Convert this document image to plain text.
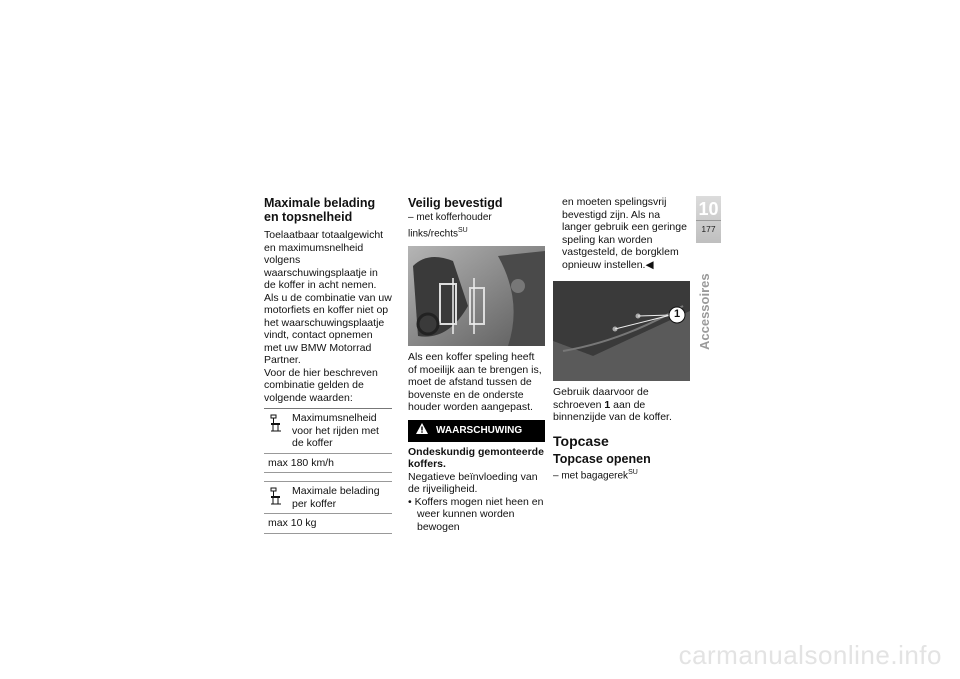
Maximale belading en topsnelheid

Toelaatbaar totaalgewicht en maximumsnelheid volgens waarschuwingsplaatje in de koffer in acht nemen.

Als u de combinatie van uw motorfiets en koffer niet op het waarschuwingsplaatje vindt, contact opnemen met uw BMW Motorrad Partner.

Voor de hier beschreven combinatie gelden de volgende waarden:

Maximumsnelheid voor het rijden met de koffer
max 180 km/h
Maximale belading per koffer
max 10 kg
Veilig bevestigd

– met kofferhouder links/rechts$^{SU}$

Als een koffer speling heeft of moeilijk aan te brengen is, moet de afstand tussen de bovenste en de onderste houder worden aangepast.

WAARSCHUWING

Ondeskundig gemonteerde koffers.

Negatieve beïnvloeding van de rijveiligheid.

• Koffers mogen niet heen en weer kunnen worden bewogen

en moeten spelingsvrij bevestigd zijn. Als na langer gebruik een geringe speling kan worden vastgesteld, de borgklem opnieuw instellen.◀

1

Gebruik daarvoor de schroeven 1 aan de binnenzijde van de koffer.

Topcase
Topcase openen

– met bagagerek$^{SU}$

10
177
Accessoires
carmanualsonline.info
